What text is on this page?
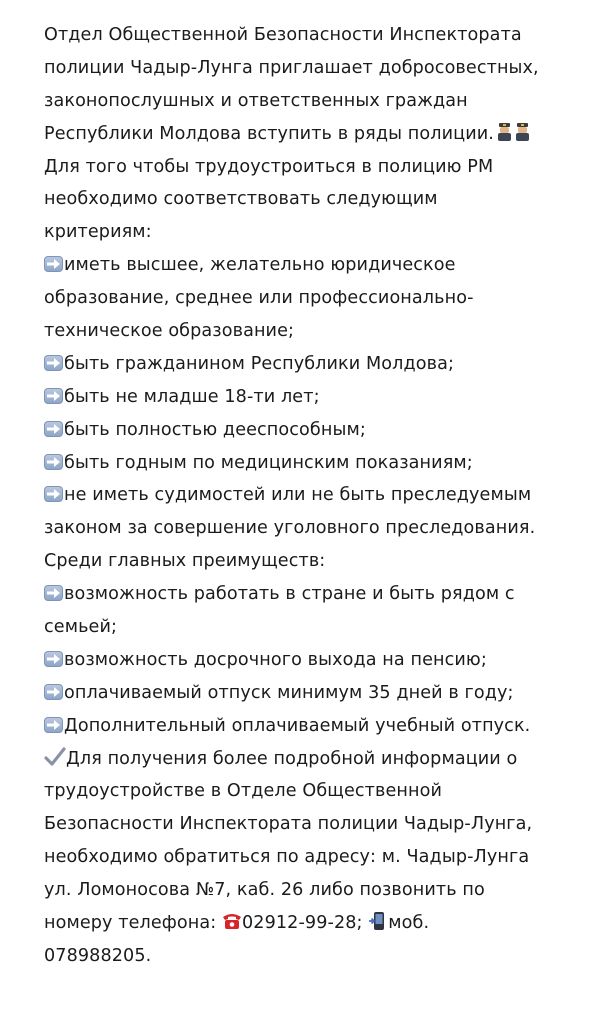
Отдел Общественной Безопасности Инспектората
полиции Чадыр-Лунга приглашает добросовестных,
законопослушных и ответственных граждан
Республики Молдова вступить в ряды полиции.
Для того чтобы трудоустроиться в полицию РМ
необходимо соответствовать следующим
критериям:
иметь высшее, желательно юридическое
образование, среднее или профессионально-
техническое образование;
быть гражданином Республики Молдова;
быть не младше 18-ти лет;
быть полностью дееспособным;
быть годным по медицинским показаниям;
не иметь судимостей или не быть преследуемым
законом за совершение уголовного преследования.
Среди главных преимуществ:
возможность работать в стране и быть рядом с
семьей;
возможность досрочного выхода на пенсию;
оплачиваемый отпуск минимум 35 дней в году;
Дополнительный оплачиваемый учебный отпуск.
Для получения более подробной информации о
трудоустройстве в Отделе Общественной
Безопасности Инспектората полиции Чадыр-Лунга,
необходимо обратиться по адресу: м. Чадыр-Лунга
ул. Ломоносова №7, каб. 26 либо позвонить по
номеру телефона: 02912-99-28; моб.
078988205.
